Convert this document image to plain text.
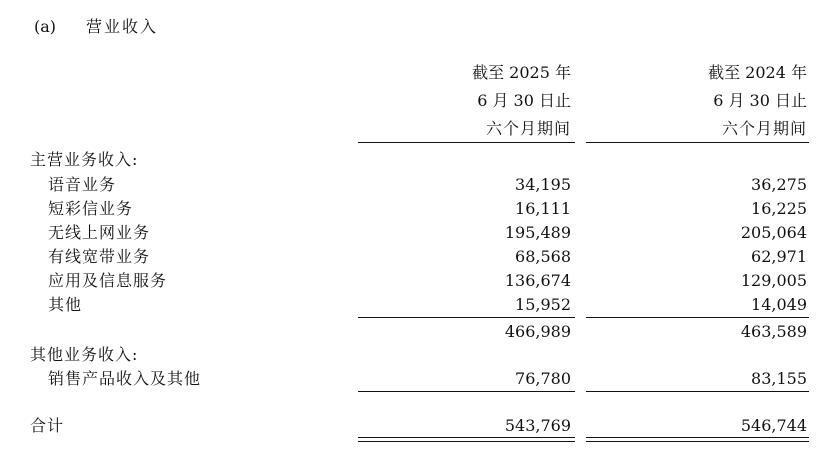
(a) 营业收入
截至 2025 年
6 月 30 日止
六个月期间
截至 2024 年
6 月 30 日止
六个月期间
主营业务收入:
语音业务	34,195	36,275
短彩信业务	16,111	16,225
无线上网业务	195,489	205,064
有线宽带业务	68,568	62,971
应用及信息服务	136,674	129,005
其他	15,952	14,049
466,989	463,589
其他业务收入:
销售产品收入及其他	76,780	83,155
合计	543,769	546,744
